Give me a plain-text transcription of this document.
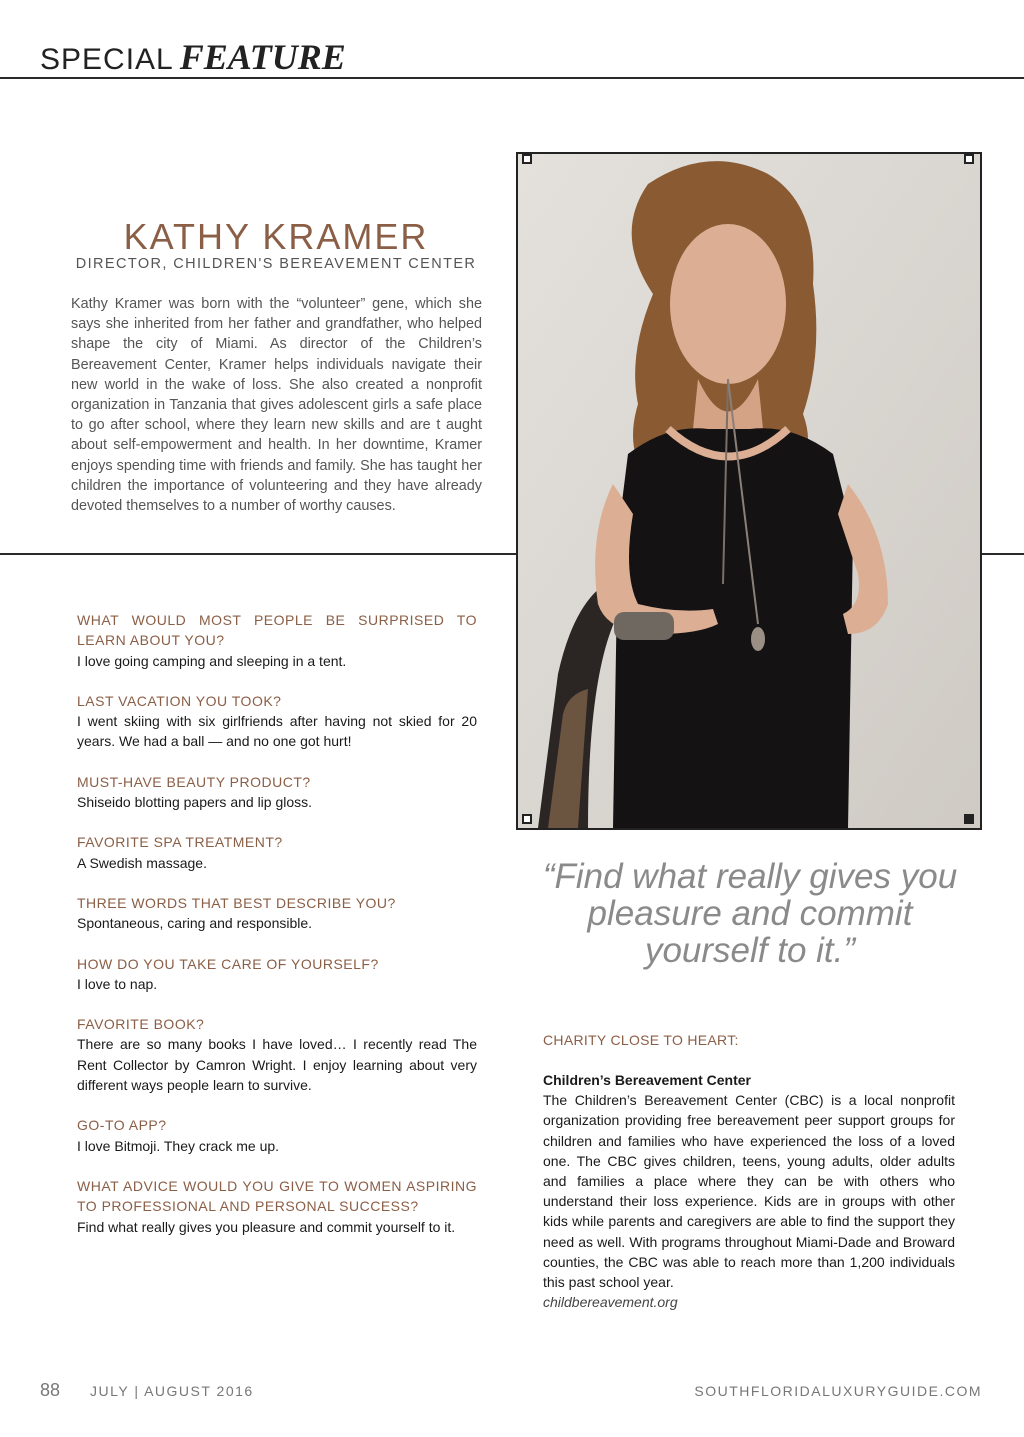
SPECIAL FEATURE
KATHY KRAMER
DIRECTOR, CHILDREN'S BEREAVEMENT CENTER

Kathy Kramer was born with the “volunteer” gene, which she says she inherited from her father and grandfather, who helped shape the city of Miami. As director of the Children’s Bereavement Center, Kramer helps individuals navigate their new world in the wake of loss. She also created a nonprofit organization in Tanzania that gives adolescent girls a safe place to go after school, where they learn new skills and are t aught about self-empowerment and health. In her downtime, Kramer enjoys spending time with friends and family. She has taught her children the importance of volunteering and they have already devoted themselves to a number of worthy causes.

WHAT WOULD MOST PEOPLE BE SURPRISED TO LEARN ABOUT YOU?
I love going camping and sleeping in a tent.
LAST VACATION YOU TOOK?
I went skiing with six girlfriends after having not skied for 20 years. We had a ball — and no one got hurt!
MUST-HAVE BEAUTY PRODUCT?
Shiseido blotting papers and lip gloss.
FAVORITE SPA TREATMENT?
A Swedish massage.
THREE WORDS THAT BEST DESCRIBE YOU?
Spontaneous, caring and responsible.
HOW DO YOU TAKE CARE OF YOURSELF?
I love to nap.
FAVORITE BOOK?
There are so many books I have loved… I recently read The Rent Collector by Camron Wright. I enjoy learning about very different ways people learn to survive.
GO-TO APP?
I love Bitmoji. They crack me up.
WHAT ADVICE WOULD YOU GIVE TO WOMEN ASPIRING TO PROFESSIONAL AND PERSONAL SUCCESS?
Find what really gives you pleasure and commit yourself to it.
“Find what really gives you pleasure and commit yourself to it.”
CHARITY CLOSE TO HEART:
Children’s Bereavement Center
The Children’s Bereavement Center (CBC) is a local nonprofit organization providing free bereavement peer support groups for children and families who have experienced the loss of a loved one. The CBC gives children, teens, young adults, older adults and families a place where they can be with others who understand their loss experience. Kids are in groups with other kids while parents and caregivers are able to find the support they need as well. With programs throughout Miami-Dade and Broward counties, the CBC was able to reach more than 1,200 individuals this past school year.
childbereavement.org
88 JULY | AUGUST 2016	SOUTHFLORIDALUXURYGUIDE.COM
